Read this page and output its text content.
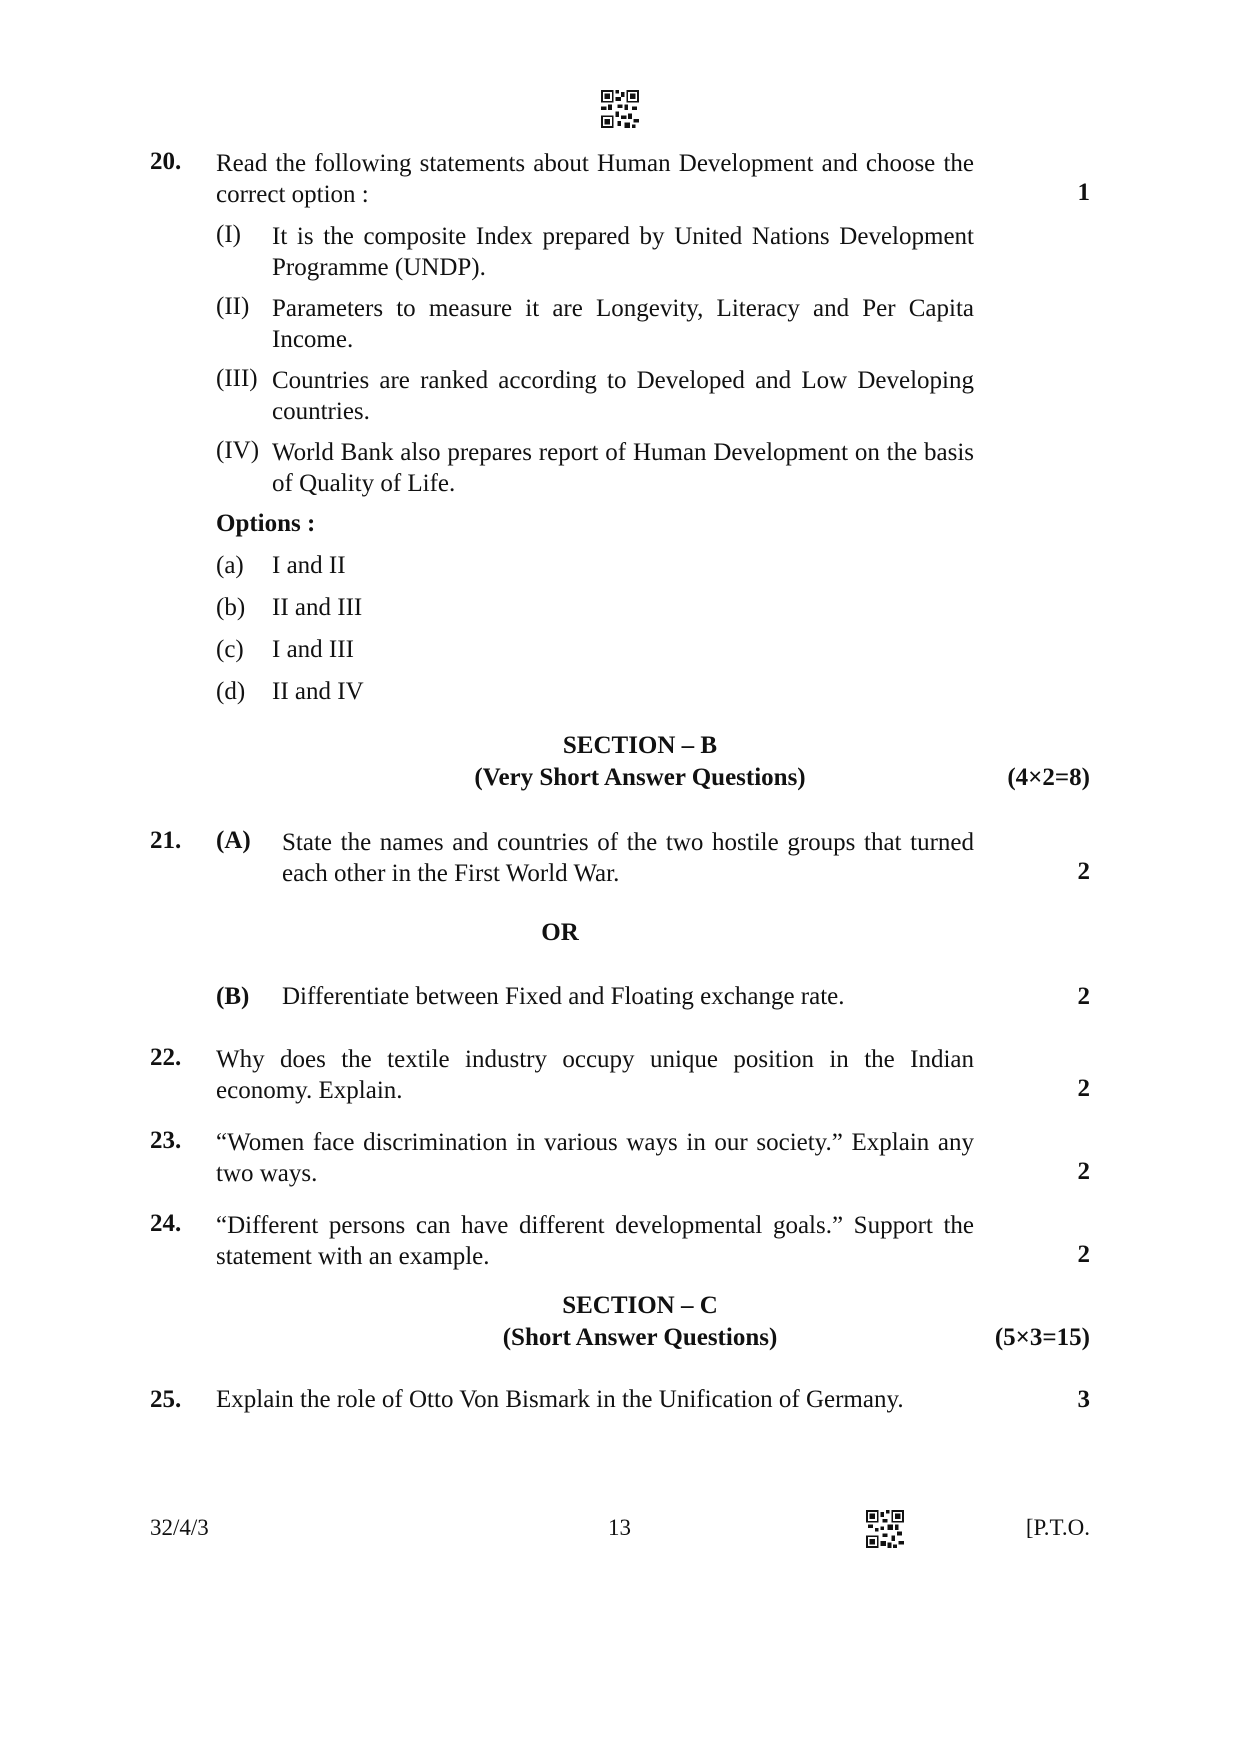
20. Read the following statements about Human Development and choose the correct option :	1
(I) It is the composite Index prepared by United Nations Development Programme (UNDP).
(II) Parameters to measure it are Longevity, Literacy and Per Capita Income.
(III) Countries are ranked according to Developed and Low Developing countries.
(IV) World Bank also prepares report of Human Development on the basis of Quality of Life.
Options :
(a) I and II
(b) II and III
(c) I and III
(d) II and IV
SECTION – B
(Very Short Answer Questions)	(4×2=8)
21. (A) State the names and countries of the two hostile groups that turned each other in the First World War.	2
OR
(B) Differentiate between Fixed and Floating exchange rate.	2
22. Why does the textile industry occupy unique position in the Indian economy. Explain.	2
23. “Women face discrimination in various ways in our society.” Explain any two ways.	2
24. “Different persons can have different developmental goals.” Support the statement with an example.	2
SECTION – C
(Short Answer Questions)	(5×3=15)
25. Explain the role of Otto Von Bismark in the Unification of Germany.	3
32/4/3	13	[P.T.O.
